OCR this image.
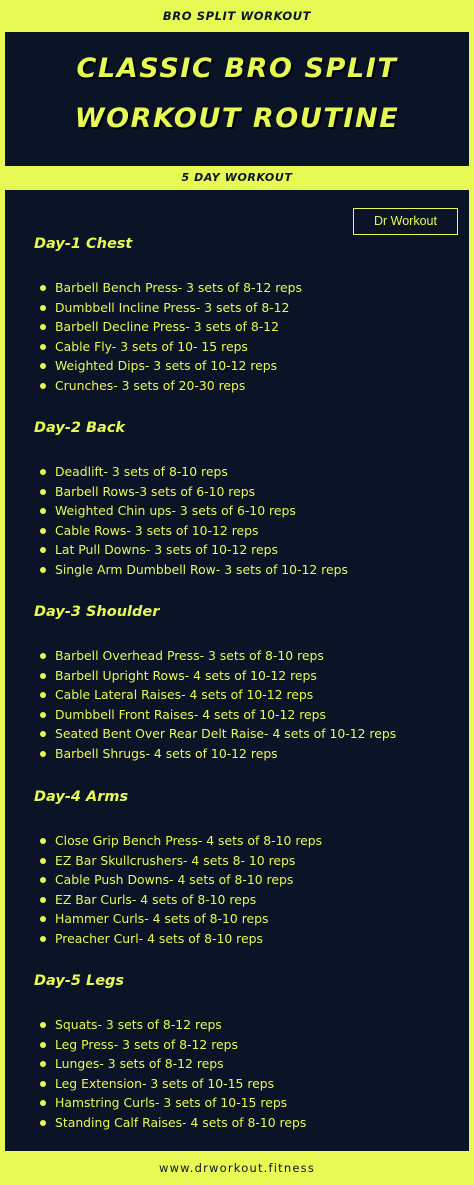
BRO SPLIT WORKOUT
CLASSIC BRO SPLIT
WORKOUT ROUTINE
5 DAY WORKOUT
Dr Workout
Day-1 Chest
Barbell Bench Press- 3 sets of 8-12 reps
Dumbbell Incline Press- 3 sets of 8-12
Barbell Decline Press- 3 sets of 8-12
Cable Fly- 3 sets of 10- 15 reps
Weighted Dips- 3 sets of 10-12 reps
Crunches- 3 sets of 20-30 reps
Day-2 Back
Deadlift- 3 sets of 8-10 reps
Barbell Rows-3 sets of 6-10 reps
Weighted Chin ups- 3 sets of 6-10 reps
Cable Rows- 3 sets of 10-12 reps
Lat Pull Downs- 3 sets of 10-12 reps
Single Arm Dumbbell Row- 3 sets of 10-12 reps
Day-3 Shoulder
Barbell Overhead Press- 3 sets of 8-10 reps
Barbell Upright Rows- 4 sets of 10-12 reps
Cable Lateral Raises- 4 sets of 10-12 reps
Dumbbell Front Raises- 4 sets of 10-12 reps
Seated Bent Over Rear Delt Raise- 4 sets of 10-12 reps
Barbell Shrugs- 4 sets of 10-12 reps
Day-4 Arms
Close Grip Bench Press- 4 sets of 8-10 reps
EZ Bar Skullcrushers- 4 sets 8- 10 reps
Cable Push Downs- 4 sets of 8-10 reps
EZ Bar Curls- 4 sets of 8-10 reps
Hammer Curls- 4 sets of 8-10 reps
Preacher Curl- 4 sets of 8-10 reps
Day-5 Legs
Squats- 3 sets of 8-12 reps
Leg Press- 3 sets of 8-12 reps
Lunges- 3 sets of 8-12 reps
Leg Extension- 3 sets of 10-15 reps
Hamstring Curls- 3 sets of 10-15 reps
Standing Calf Raises- 4 sets of 8-10 reps
www.drworkout.fitness
